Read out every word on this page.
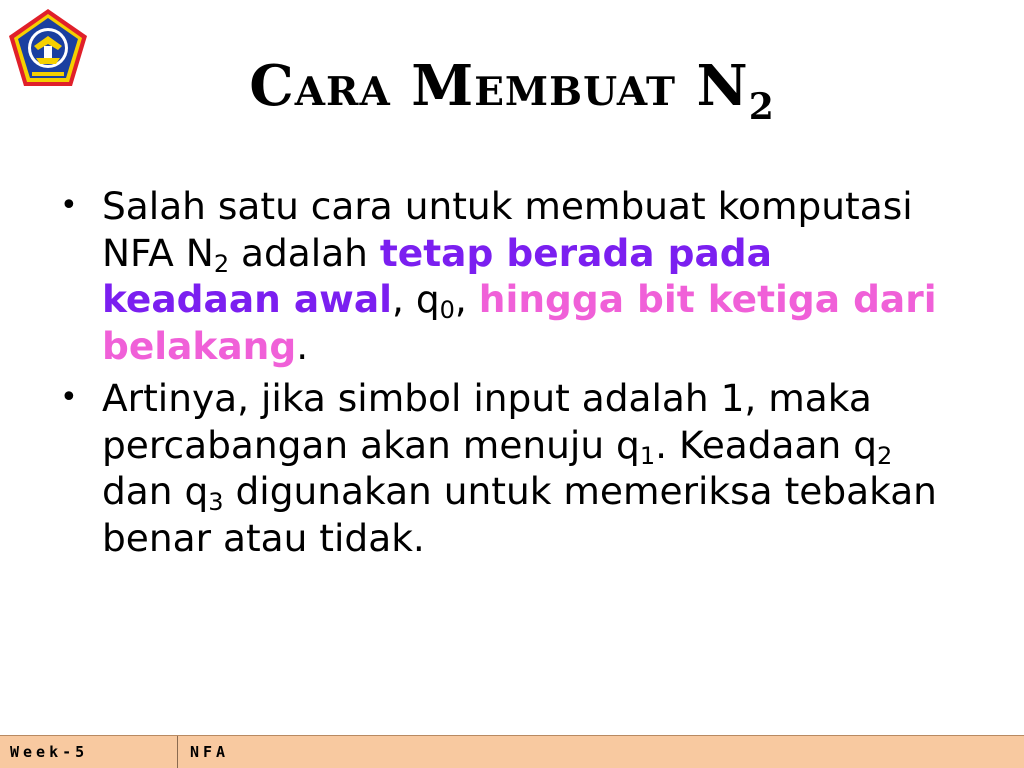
Cara Membuat $N_2$
• Salah satu cara untuk membuat komputasi NFA N2 adalah tetap berada pada keadaan awal, q0, hingga bit ketiga dari belakang.
• Artinya, jika simbol input adalah 1, maka percabangan akan menuju q1. Keadaan q2 dan q3 digunakan untuk memeriksa tebakan benar atau tidak.
Week-5	NFA
